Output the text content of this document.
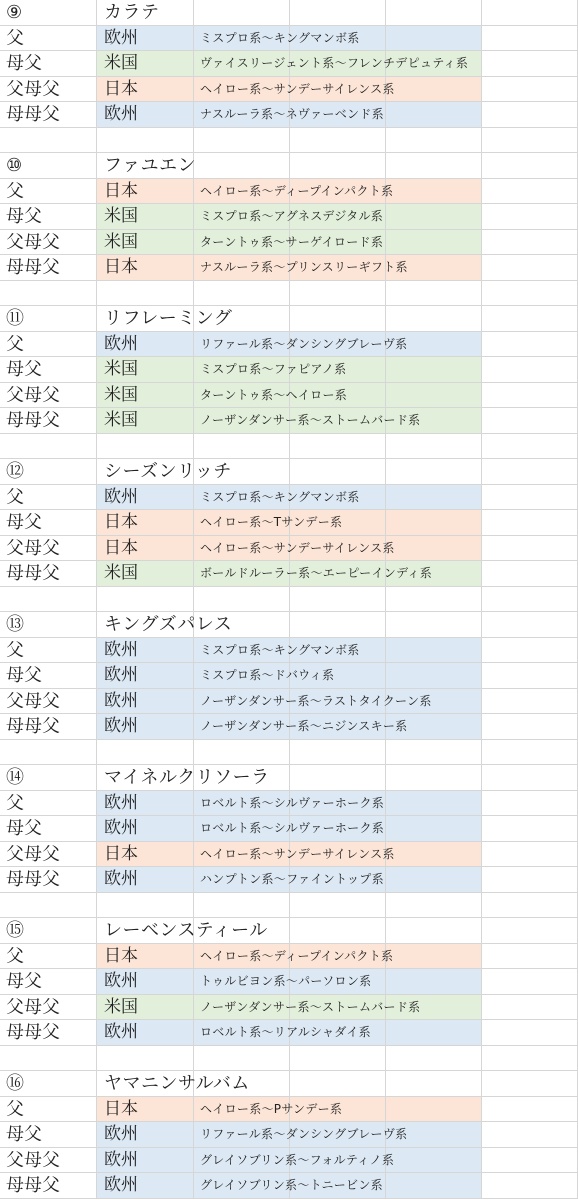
⑨	カラテ
父	欧州	ミスプロ系〜キングマンボ系
母父	米国	ヴァイスリージェント系〜フレンチデピュティ系
父母父	日本	ヘイロー系〜サンデーサイレンス系
母母父	欧州	ナスルーラ系〜ネヴァーベンド系
⑩	ファユエン
父	日本	ヘイロー系〜ディープインパクト系
母父	米国	ミスプロ系〜アグネスデジタル系
父母父	米国	ターントゥ系〜サーゲイロード系
母母父	日本	ナスルーラ系〜プリンスリーギフト系
⑪	リフレーミング
父	欧州	リファール系〜ダンシングブレーヴ系
母父	米国	ミスプロ系〜ファピアノ系
父母父	米国	ターントゥ系〜ヘイロー系
母母父	米国	ノーザンダンサー系〜ストームバード系
⑫	シーズンリッチ
父	欧州	ミスプロ系〜キングマンボ系
母父	日本	ヘイロー系〜Tサンデー系
父母父	日本	ヘイロー系〜サンデーサイレンス系
母母父	米国	ボールドルーラー系〜エーピーインディ系
⑬	キングズパレス
父	欧州	ミスプロ系〜キングマンボ系
母父	欧州	ミスプロ系〜ドバウィ系
父母父	欧州	ノーザンダンサー系〜ラストタイクーン系
母母父	欧州	ノーザンダンサー系〜ニジンスキー系
⑭	マイネルクリソーラ
父	欧州	ロベルト系〜シルヴァーホーク系
母父	欧州	ロベルト系〜シルヴァーホーク系
父母父	日本	ヘイロー系〜サンデーサイレンス系
母母父	欧州	ハンプトン系〜ファイントップ系
⑮	レーベンスティール
父	日本	ヘイロー系〜ディープインパクト系
母父	欧州	トゥルビヨン系〜パーソロン系
父母父	米国	ノーザンダンサー系〜ストームバード系
母母父	欧州	ロベルト系〜リアルシャダイ系
⑯	ヤマニンサルバム
父	日本	ヘイロー系〜Pサンデー系
母父	欧州	リファール系〜ダンシングブレーヴ系
父母父	欧州	グレイソブリン系〜フォルティノ系
母母父	欧州	グレイソブリン系〜トニービン系
